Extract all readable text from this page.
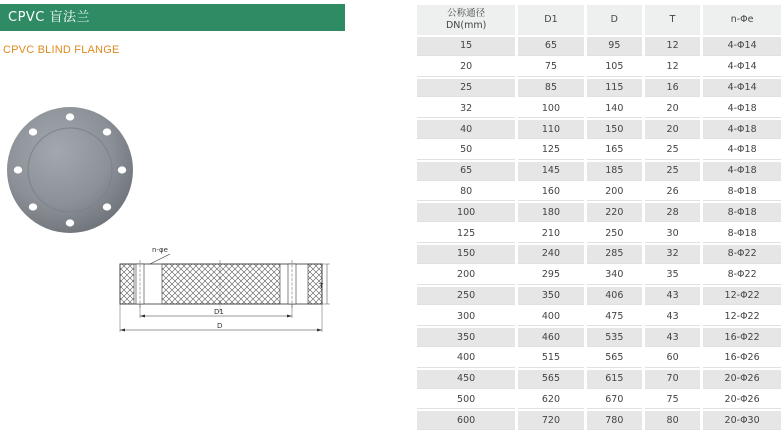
CPVC 盲法兰
CPVC BLIND FLANGE
n-φe
T
D1
D
公称通径
DN(mm)	D1	D	T	n-Φe
15	65	95	12	4-Φ14
20	75	105	12	4-Φ14
25	85	115	16	4-Φ14
32	100	140	20	4-Φ18
40	110	150	20	4-Φ18
50	125	165	25	4-Φ18
65	145	185	25	4-Φ18
80	160	200	26	8-Φ18
100	180	220	28	8-Φ18
125	210	250	30	8-Φ18
150	240	285	32	8-Φ22
200	295	340	35	8-Φ22
250	350	406	43	12-Φ22
300	400	475	43	12-Φ22
350	460	535	43	16-Φ22
400	515	565	60	16-Φ26
450	565	615	70	20-Φ26
500	620	670	75	20-Φ26
600	720	780	80	20-Φ30
